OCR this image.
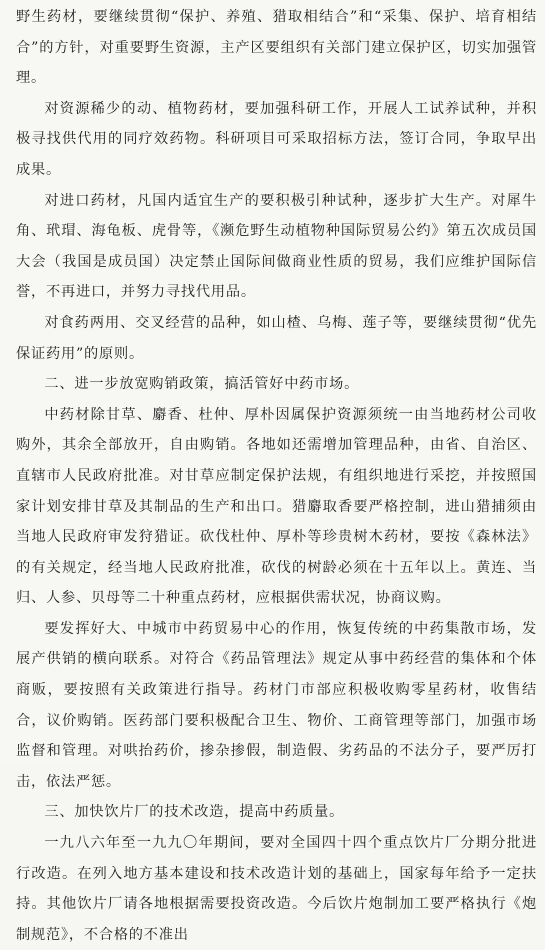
野生药材，要继续贯彻“保护、养殖、猎取相结合”和“采集、保护、培育相结合”的方针，对重要野生资源，主产区要组织有关部门建立保护区，切实加强管理。

对资源稀少的动、植物药材，要加强科研工作，开展人工试养试种，并积极寻找供代用的同疗效药物。科研项目可采取招标方法，签订合同，争取早出成果。

对进口药材，凡国内适宜生产的要积极引种试种，逐步扩大生产。对犀牛角、玳瑁、海龟板、虎骨等，《濒危野生动植物种国际贸易公约》第五次成员国大会（我国是成员国）决定禁止国际间做商业性质的贸易，我们应维护国际信誉，不再进口，并努力寻找代用品。

对食药两用、交叉经营的品种，如山楂、乌梅、莲子等，要继续贯彻“优先保证药用”的原则。

二、进一步放宽购销政策，搞活管好中药市场。

中药材除甘草、麝香、杜仲、厚朴因属保护资源须统一由当地药材公司收购外，其余全部放开，自由购销。各地如还需增加管理品种，由省、自治区、直辖市人民政府批准。对甘草应制定保护法规，有组织地进行采挖，并按照国家计划安排甘草及其制品的生产和出口。猎麝取香要严格控制，进山猎捕须由当地人民政府审发狩猎证。砍伐杜仲、厚朴等珍贵树木药材，要按《森林法》的有关规定，经当地人民政府批准，砍伐的树龄必须在十五年以上。黄连、当归、人参、贝母等二十种重点药材，应根据供需状况，协商议购。

要发挥好大、中城市中药贸易中心的作用，恢复传统的中药集散市场，发展产供销的横向联系。对符合《药品管理法》规定从事中药经营的集体和个体商贩，要按照有关政策进行指导。药材门市部应积极收购零星药材，收售结合，议价购销。医药部门要积极配合卫生、物价、工商管理等部门，加强市场监督和管理。对哄抬药价，掺杂掺假，制造假、劣药品的不法分子，要严厉打击，依法严惩。

三、加快饮片厂的技术改造，提高中药质量。

一九八六年至一九九〇年期间，要对全国四十四个重点饮片厂分期分批进行改造。在列入地方基本建设和技术改造计划的基础上，国家每年给予一定扶持。其他饮片厂请各地根据需要投资改造。今后饮片炮制加工要严格执行《炮制规范》，不合格的不准出
